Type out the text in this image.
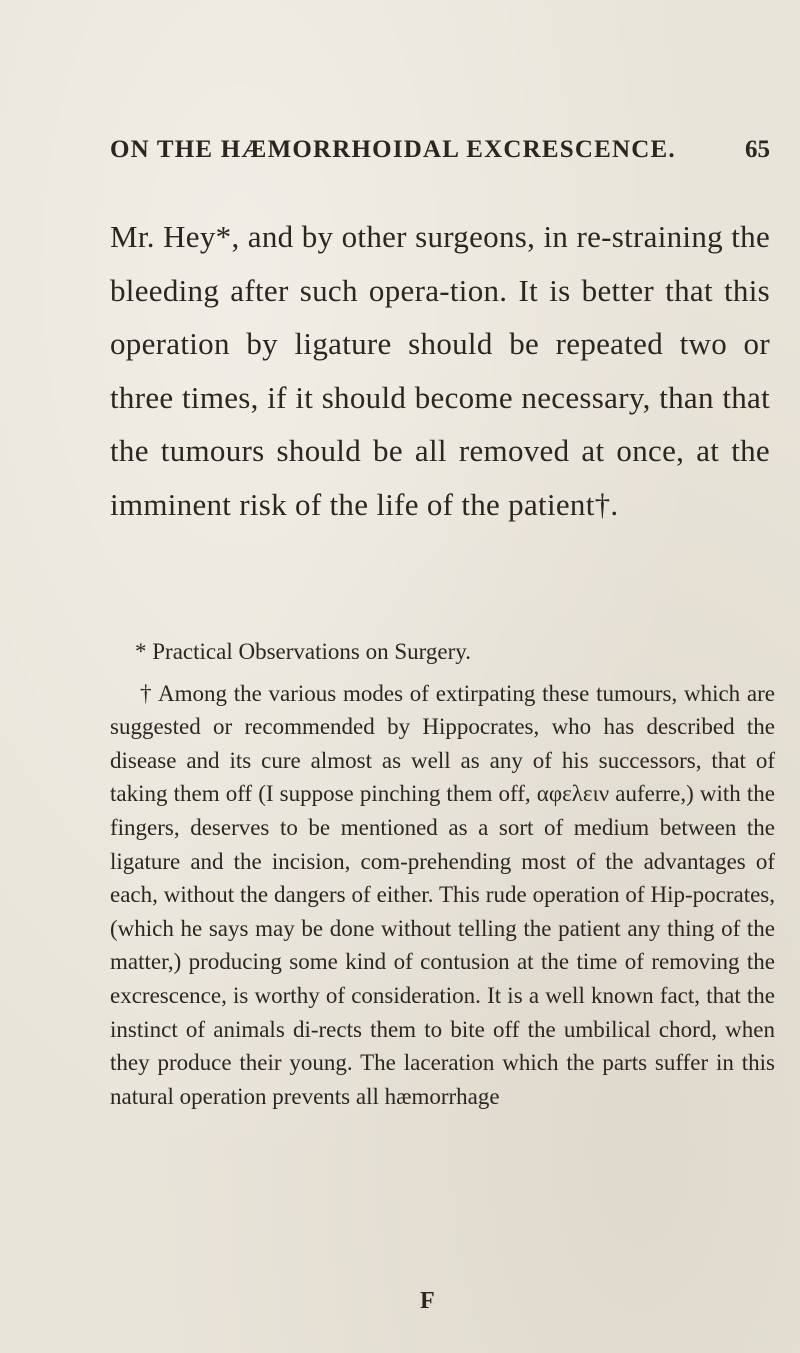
ON THE HÆMORRHOIDAL EXCRESCENCE.	65

Mr. Hey*, and by other surgeons, in re-straining the bleeding after such opera-tion. It is better that this operation by ligature should be repeated two or three times, if it should become necessary, than that the tumours should be all removed at once, at the imminent risk of the life of the patient†.

* Practical Observations on Surgery.

† Among the various modes of extirpating these tumours, which are suggested or recommended by Hippocrates, who has described the disease and its cure almost as well as any of his successors, that of taking them off (I suppose pinching them off, αφελειν auferre,) with the fingers, deserves to be mentioned as a sort of medium between the ligature and the incision, com-prehending most of the advantages of each, without the dangers of either. This rude operation of Hip-pocrates, (which he says may be done without telling the patient any thing of the matter,) producing some kind of contusion at the time of removing the excrescence, is worthy of consideration. It is a well known fact, that the instinct of animals di-rects them to bite off the umbilical chord, when they produce their young. The laceration which the parts suffer in this natural operation prevents all hæmorrhage

F
